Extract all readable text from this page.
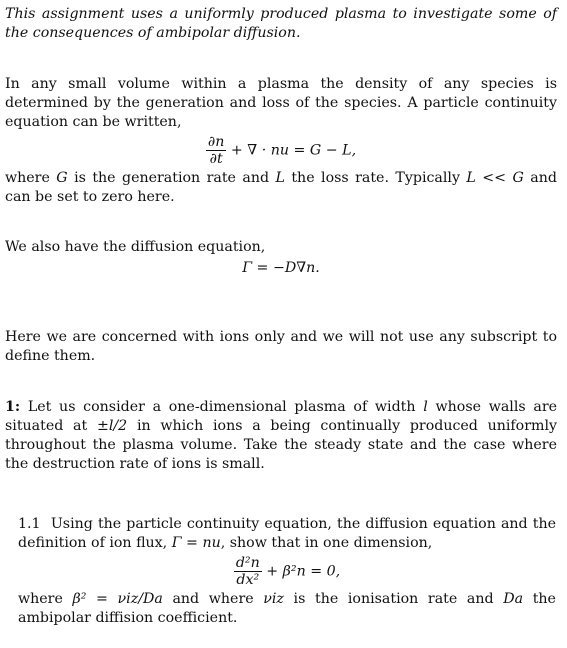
This assignment uses a uniformly produced plasma to investigate some of the consequences of ambipolar diffusion.
In any small volume within a plasma the density of any species is determined by the generation and loss of the species. A particle continuity equation can be written,
$\frac{\partial n}{\partial t}$ + ∇ · nu = G − L,
where G is the generation rate and L the loss rate. Typically L << G and can be set to zero here.
We also have the diffusion equation,
Γ = −D∇n.
Here we are concerned with ions only and we will not use any subscript to define them.
1: Let us consider a one-dimensional plasma of width l whose walls are situated at ±l/2 in which ions a being continually produced uniformly throughout the plasma volume. Take the steady state and the case where the destruction rate of ions is small.
1.1 Using the particle continuity equation, the diffusion equation and the definition of ion flux, Γ = nu, show that in one dimension,
$\frac{\text{d²n}}{\text{dx²}} + \beta^2n = 0$,
where β² = νiz/Da and where νiz is the ionisation rate and Da the ambipolar diffision coefficient.
